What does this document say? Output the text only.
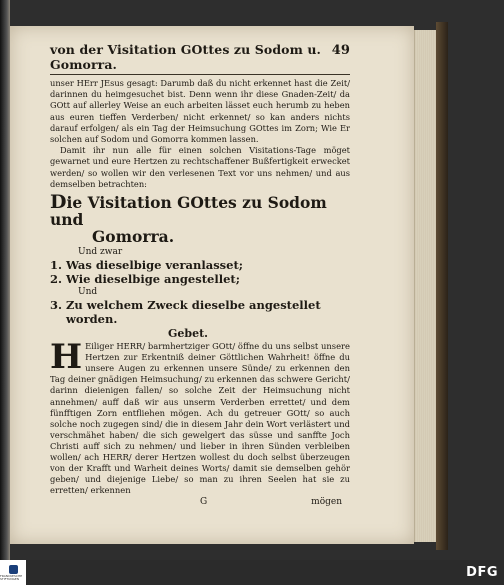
von der Visitation GOttes zu Sodom u. Gomorra.
49

unser HErr JEsus gesagt: Darumb daß du nicht erkennet hast die Zeit/ darinnen du heimgesuchet bist. Denn wenn ihr diese Gnaden-Zeit/ da GOtt auf allerley Weise an euch arbeiten lässet euch herumb zu heben aus euren tieffen Verderben/ nicht erkennet/ so kan anders nichts darauf erfolgen/ als ein Tag der Heimsuchung GOttes im Zorn; Wie Er solchen auf Sodom und Gomorra kommen lassen.

Damit ihr nun alle für einen solchen Visitations-Tage möget gewarnet und eure Hertzen zu rechtschaffener Bußfertigkeit erwecket werden/ so wollen wir den verlesenen Text vor uns nehmen/ und aus demselben betrachten:

Die Visitation GOttes zu Sodom und
Gomorra.
Und zwar
1. Was dieselbige veranlasset;
2. Wie dieselbige angestellet;
Und
3. Zu welchem Zweck dieselbe angestellet worden.
Gebet.
H Eiliger HERR/ barmhertziger GOtt/ öffne du uns selbst unsere Hertzen zur Erkentniß deiner Göttlichen Wahrheit! öffne du unsere Augen zu erkennen unsere Sünde/ zu erkennen den Tag deiner gnädigen Heimsuchung/ zu erkennen das schwere Gericht/ darinn dieienigen fallen/ so solche Zeit der Heimsuchung nicht annehmen/ auff daß wir aus unserm Verderben errettet/ und dem fünfftigen Zorn entfliehen mögen. Ach du getreuer GOtt/ so auch solche noch zugegen sind/ die in diesem Jahr dein Wort verlästert und verschmähet haben/ die sich gewelgert das süsse und sanffte Joch Christi auff sich zu nehmen/ und lieber in ihren Sünden verbleiben wollen/ ach HERR/ derer Hertzen wollest du doch selbst überzeugen von der Krafft und Warheit deines Worts/ damit sie demselben gehör geben/ und diejenige Liebe/ so man zu ihren Seelen hat sie zu erretten/ erkennen
G	mögen
FRANCKESCHE STIFTUNGEN	DFG
